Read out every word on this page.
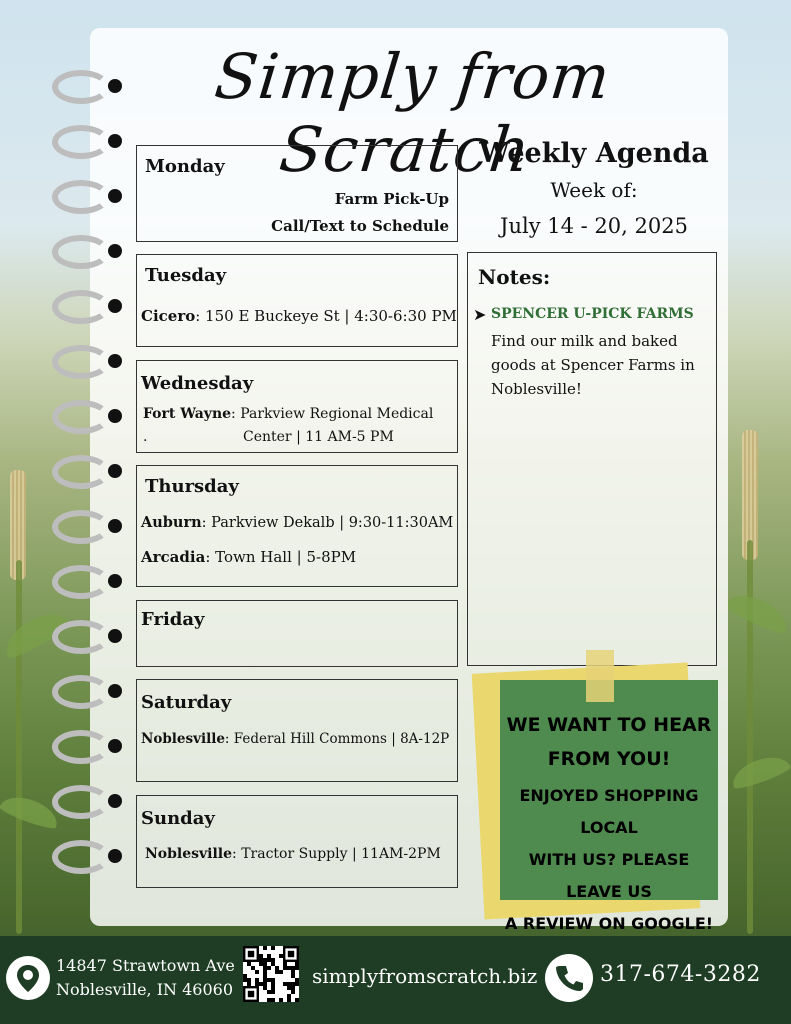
Simply from Scratch
Monday
Farm Pick-Up
Call/Text to Schedule
Tuesday
Cicero: 150 E Buckeye St | 4:30-6:30 PM
Wednesday
Fort Wayne: Parkview Regional Medical
.	Center | 11 AM-5 PM
Thursday
Auburn: Parkview Dekalb | 9:30-11:30AM
Arcadia: Town Hall | 5-8PM
Friday
Saturday
Noblesville: Federal Hill Commons | 8A-12P
Sunday
Noblesville: Tractor Supply | 11AM-2PM
Weekly Agenda
Week of:
July 14 - 20, 2025
Notes:
➤ SPENCER U-PICK FARMS
Find our milk and baked goods at Spencer Farms in Noblesville!
WE WANT TO HEAR
FROM YOU!
ENJOYED SHOPPING LOCAL
WITH US? PLEASE LEAVE US
A REVIEW ON GOOGLE!
14847 Strawtown Ave
Noblesville, IN 46060
simplyfromscratch.biz	317-674-3282
